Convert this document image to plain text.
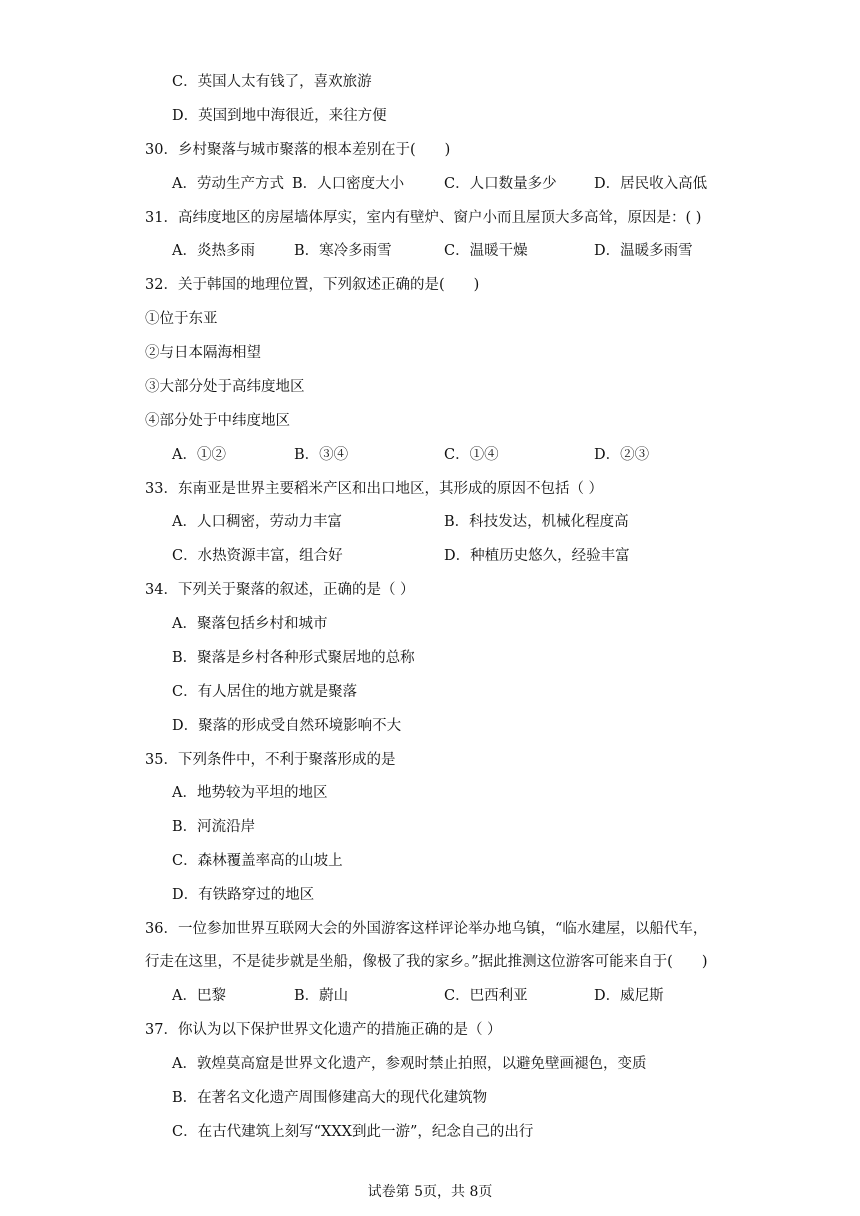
C．英国人太有钱了，喜欢旅游
D．英国到地中海很近，来往方便
30．乡村聚落与城市聚落的根本差别在于(　　)
A．劳动生产方式 B．人口密度大小	C．人口数量多少	D．居民收入高低
31．高纬度地区的房屋墙体厚实，室内有壁炉、窗户小而且屋顶大多高耸，原因是：( )
A．炎热多雨	B．寒冷多雨雪	C．温暖干燥	D．温暖多雨雪
32．关于韩国的地理位置，下列叙述正确的是(　　)
①位于东亚
②与日本隔海相望
③大部分处于高纬度地区
④部分处于中纬度地区
A．①②	B．③④	C．①④	D．②③
33．东南亚是世界主要稻米产区和出口地区，其形成的原因不包括（ ）
A．人口稠密，劳动力丰富	B．科技发达，机械化程度高
C．水热资源丰富，组合好	D．种植历史悠久，经验丰富
34．下列关于聚落的叙述，正确的是（ ）
A．聚落包括乡村和城市
B．聚落是乡村各种形式聚居地的总称
C．有人居住的地方就是聚落
D．聚落的形成受自然环境影响不大
35．下列条件中，不利于聚落形成的是
A．地势较为平坦的地区
B．河流沿岸
C．森林覆盖率高的山坡上
D．有铁路穿过的地区
36．一位参加世界互联网大会的外国游客这样评论举办地乌镇，“临水建屋，以船代车，
行走在这里，不是徒步就是坐船，像极了我的家乡。”据此推测这位游客可能来自于(　　)
A．巴黎	B．蔚山	C．巴西利亚	D．威尼斯
37．你认为以下保护世界文化遗产的措施正确的是（ ）
A．敦煌莫高窟是世界文化遗产，参观时禁止拍照，以避免壁画褪色，变质
B．在著名文化遗产周围修建高大的现代化建筑物
C．在古代建筑上刻写“XXX到此一游”，纪念自己的出行
试卷第 5页，共 8页
